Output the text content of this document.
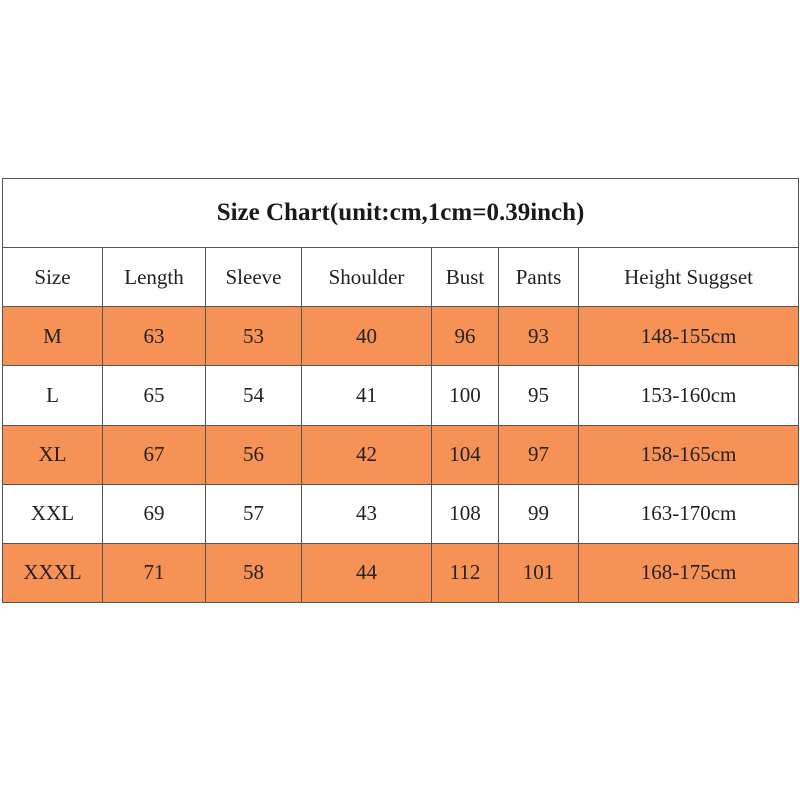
Size Chart(unit:cm,1cm=0.39inch)						
Size	Length	Sleeve	Shoulder	Bust	Pants	Height Suggset
M	63	53	40	96	93	148-155cm
L	65	54	41	100	95	153-160cm
XL	67	56	42	104	97	158-165cm
XXL	69	57	43	108	99	163-170cm
XXXL	71	58	44	112	101	168-175cm
